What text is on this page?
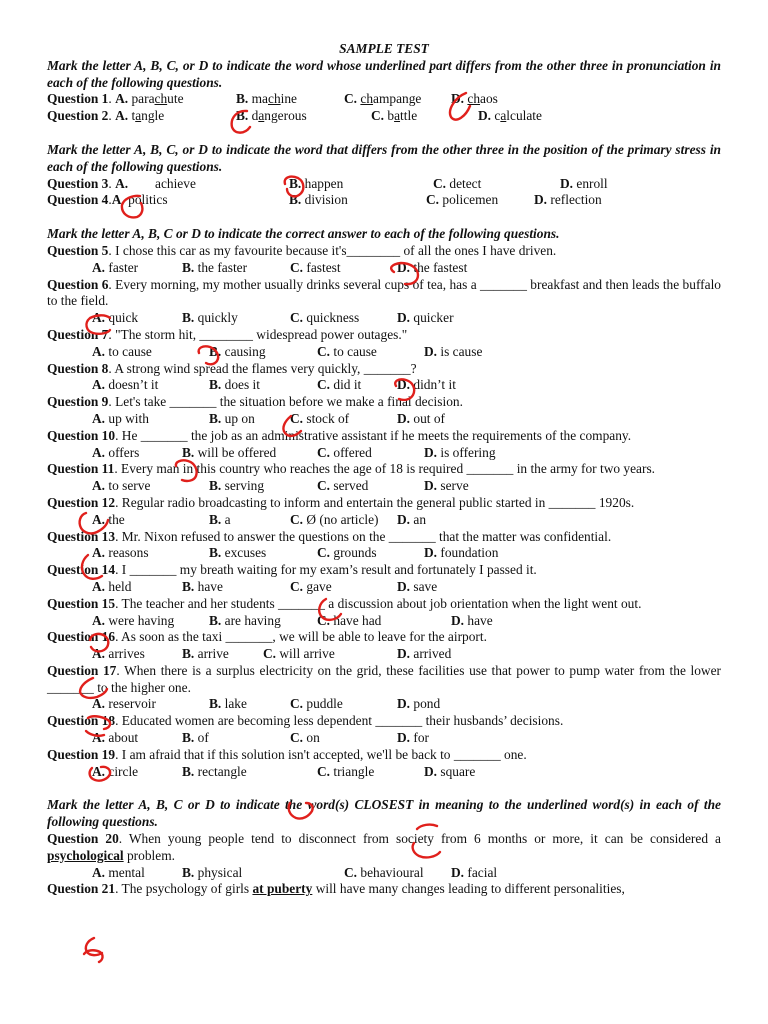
SAMPLE TEST
Mark the letter A, B, C, or D to indicate the word whose underlined part differs from the other three in pronunciation in each of the following questions.
Question 1. A. parachute	B. machine	C. champange D. chaos
Question 2. A. tangle	B. dangerous	C. battle	D. calculate
Mark the letter A, B, C, or D to indicate the word that differs from the other three in the position of the primary stress in each of the following questions.
Question 3. A. achieve	B. happen	C. detect	D. enroll
Question 4.A. politics	B. division	C. policemen	D. reflection
Mark the letter A, B, C or D to indicate the correct answer to each of the following questions.
Question 5. I chose this car as my favourite because it's________ of all the ones I have driven.
A. faster	B. the faster	C. fastest	D. the fastest
Question 6. Every morning, my mother usually drinks several cups of tea, has a _______ breakfast and then leads the buffalo to the field.
A. quick	B. quickly	C. quickness	D. quicker
Question 7. "The storm hit, ________ widespread power outages."
A. to cause	B. causing	C. to cause	D. is cause
Question 8. A strong wind spread the flames very quickly, _______?
A. doesn’t it	B. does it	C. did it	D. didn’t it
Question 9. Let's take _______ the situation before we make a final decision.
A. up with	B. up on	C. stock of	D. out of
Question 10. He _______ the job as an administrative assistant if he meets the requirements of the company.
A. offers	B. will be offered	C. offered	D. is offering
Question 11. Every man in this country who reaches the age of 18 is required _______ in the army for two years.
A. to serve	B. serving	C. served	D. serve
Question 12. Regular radio broadcasting to inform and entertain the general public started in _______ 1920s.
A. the	B. a	C. Ø (no article) D. an
Question 13. Mr. Nixon refused to answer the questions on the _______ that the matter was confidential.
A. reasons	B. excuses	C. grounds	D. foundation
Question 14. I _______ my breath waiting for my exam’s result and fortunately I passed it.
A. held	B. have	C. gave	D. save
Question 15. The teacher and her students _______ a discussion about job orientation when the light went out.
A. were having	B. are having	C. have had	D. have
Question 16. As soon as the taxi _______, we will be able to leave for the airport.
A. arrives	B. arrive	C. will arrive	D. arrived
Question 17. When there is a surplus electricity on the grid, these facilities use that power to pump water from the lower _______ to the higher one.
A. reservoir	B. lake	C. puddle	D. pond
Question 18. Educated women are becoming less dependent _______ their husbands’ decisions.
A. about	B. of	C. on	D. for
Question 19. I am afraid that if this solution isn't accepted, we'll be back to _______ one.
A. circle	B. rectangle	C. triangle	D. square
Mark the letter A, B, C or D to indicate the word(s) CLOSEST in meaning to the underlined word(s) in each of the following questions.
Question 20. When young people tend to disconnect from society from 6 months or more, it can be considered a psychological problem.
A. mental	B. physical	C. behavioural D. facial
Question 21. The psychology of girls at puberty will have many changes leading to different personalities,
